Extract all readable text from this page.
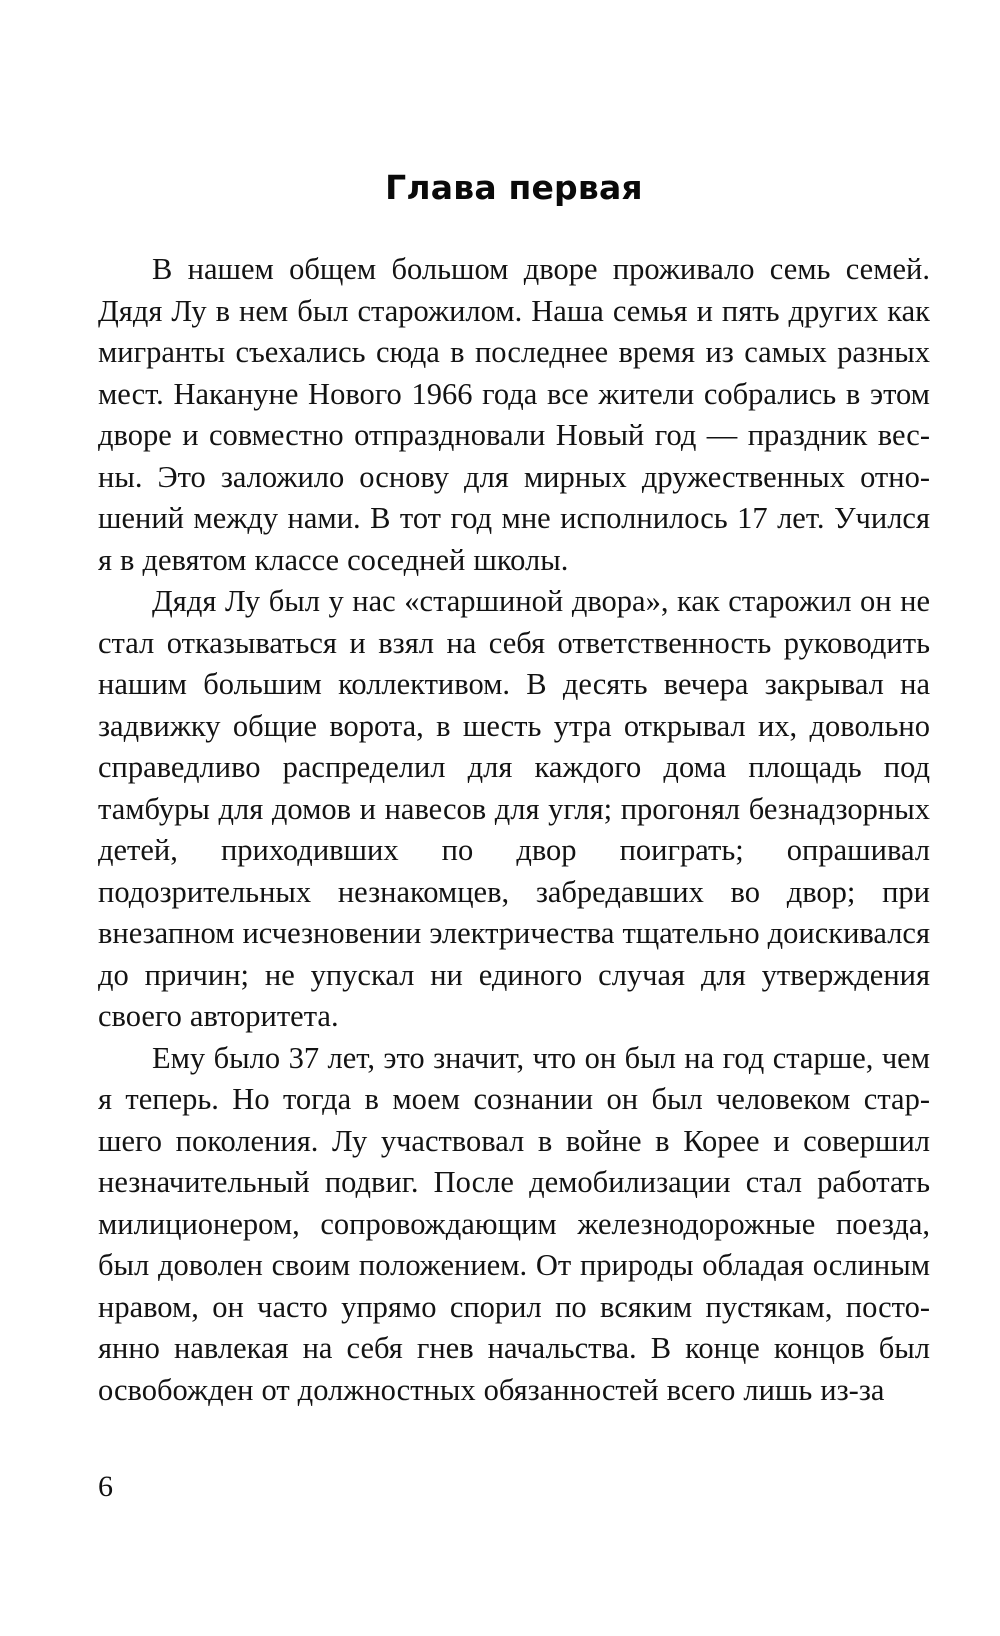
Глава первая

В нашем общем большом дворе проживало семь семей. Дядя Лу в нем был старожилом. Наша семья и пять других как мигранты съехались сюда в последнее время из самых разных мест. Накануне Нового 1966 года все жители собрались в этом дворе и совместно отпраздновали Новый год — праздник весны. Это заложило основу для мирных дружественных отношений между нами. В тот год мне исполнилось 17 лет. Учился я в девятом классе соседней школы.

Дядя Лу был у нас «старшиной двора», как старожил он не стал отказываться и взял на себя ответственность руководить нашим большим коллективом. В десять вечера закрывал на задвижку общие ворота, в шесть утра открывал их, довольно справедливо распределил для каждого дома площадь под тамбуры для домов и навесов для угля; прогонял безнадзорных детей, приходивших по двор поиграть; опрашивал подозрительных незнакомцев, забредавших во двор; при внезапном исчезновении электричества тщательно доискивался до причин; не упускал ни единого случая для утверждения своего авторитета.

Ему было 37 лет, это значит, что он был на год старше, чем я теперь. Но тогда в моем сознании он был человеком старшего поколения. Лу участвовал в войне в Корее и совершил незначительный подвиг. После демобилизации стал работать милиционером, сопровождающим железнодорожные поезда, был доволен своим положением. От природы обладая ослиным нравом, он часто упрямо спорил по всяким пустякам, постоянно навлекая на себя гнев начальства. В конце концов был освобожден от должностных обязанностей всего лишь из-за

6
